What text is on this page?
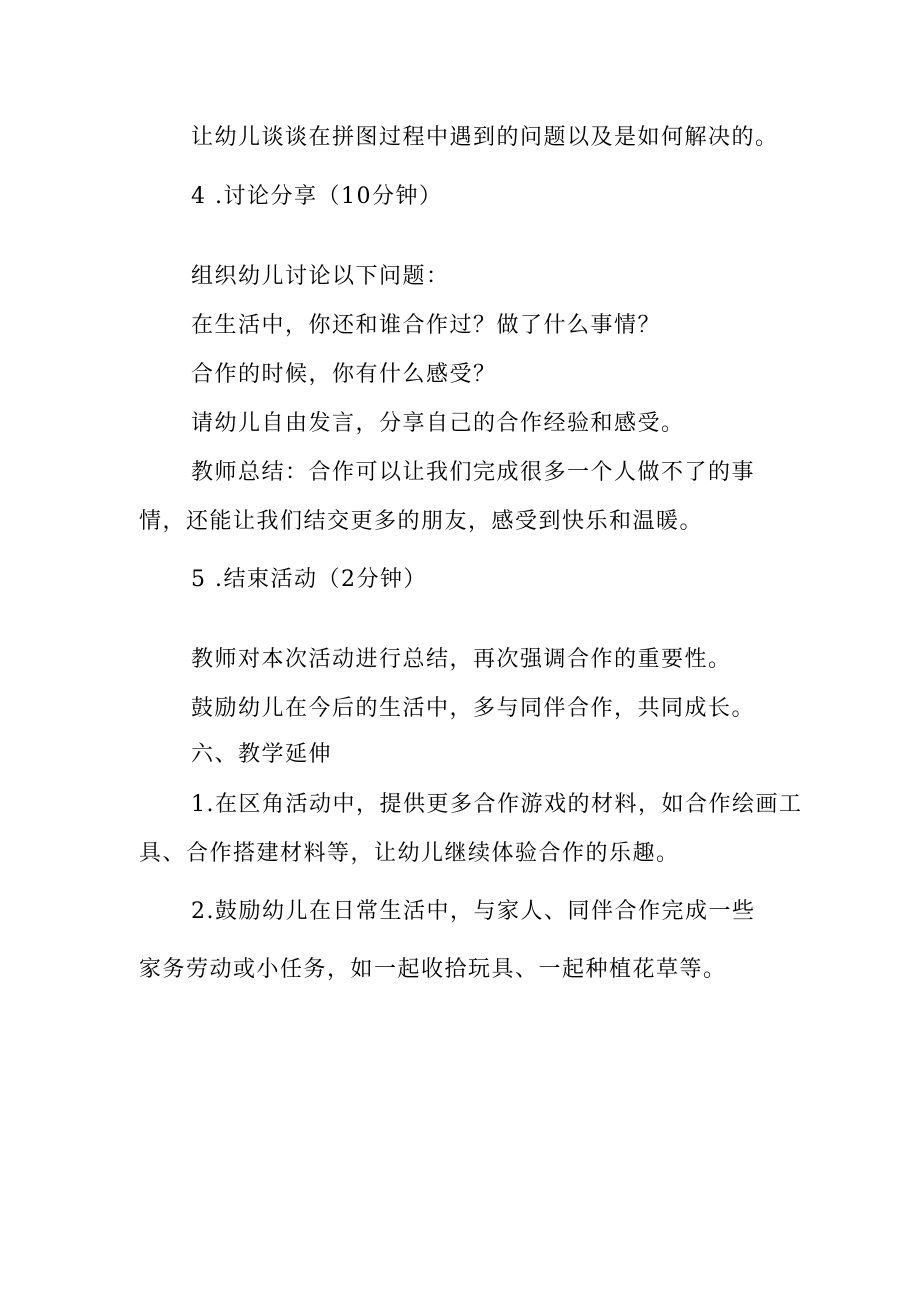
让幼儿谈谈在拼图过程中遇到的问题以及是如何解决的。
4 .讨论分享（10分钟）
组织幼儿讨论以下问题：
在生活中，你还和谁合作过？做了什么事情？
合作的时候，你有什么感受？
请幼儿自由发言，分享自己的合作经验和感受。
教师总结：合作可以让我们完成很多一个人做不了的事
情，还能让我们结交更多的朋友，感受到快乐和温暖。
5 .结束活动（2分钟）
教师对本次活动进行总结，再次强调合作的重要性。
鼓励幼儿在今后的生活中，多与同伴合作，共同成长。
六、教学延伸
1.在区角活动中，提供更多合作游戏的材料，如合作绘画工
具、合作搭建材料等，让幼儿继续体验合作的乐趣。
2.鼓励幼儿在日常生活中，与家人、同伴合作完成一些
家务劳动或小任务，如一起收拾玩具、一起种植花草等。
